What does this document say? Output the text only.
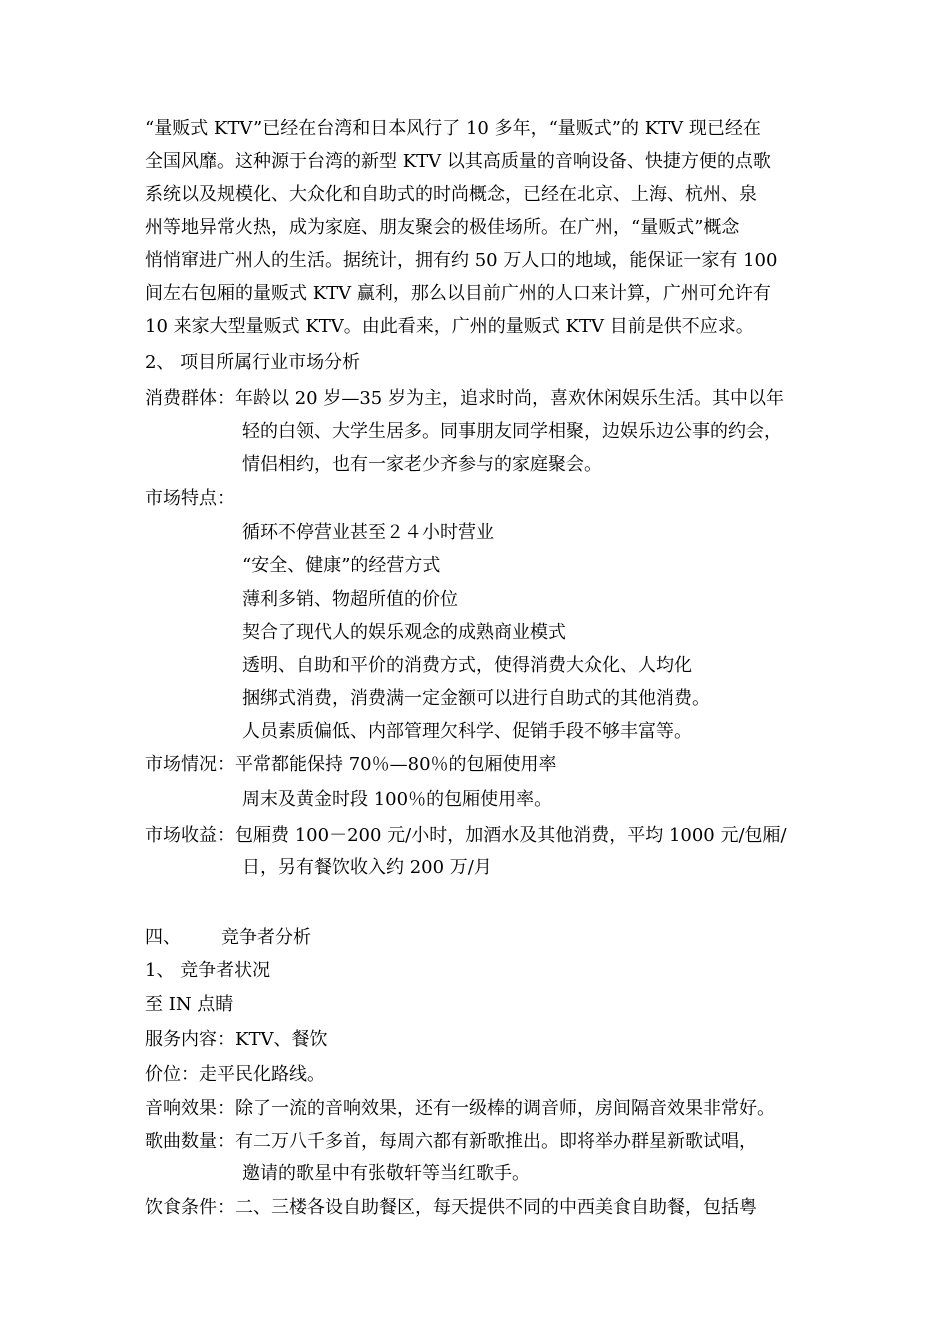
“量贩式 KTV”已经在台湾和日本风行了 10 多年，“量贩式”的 KTV 现已经在
全国风靡。这种源于台湾的新型 KTV 以其高质量的音响设备、快捷方便的点歌
系统以及规模化、大众化和自助式的时尚概念，已经在北京、上海、杭州、泉
州等地异常火热，成为家庭、朋友聚会的极佳场所。在广州，“量贩式”概念
悄悄窜进广州人的生活。据统计，拥有约 50 万人口的地域，能保证一家有 100
间左右包厢的量贩式 KTV 赢利，那么以目前广州的人口来计算，广州可允许有
10 来家大型量贩式 KTV。由此看来，广州的量贩式 KTV 目前是供不应求。
2、 项目所属行业市场分析
消费群体：年龄以 20 岁—35 岁为主，追求时尚，喜欢休闲娱乐生活。其中以年
轻的白领、大学生居多。同事朋友同学相聚，边娱乐边公事的约会，
情侣相约，也有一家老少齐参与的家庭聚会。
市场特点：
循环不停营业甚至２４小时营业
“安全、健康”的经营方式
薄利多销、物超所值的价位
契合了现代人的娱乐观念的成熟商业模式
透明、自助和平价的消费方式，使得消费大众化、人均化
捆绑式消费，消费满一定金额可以进行自助式的其他消费。
人员素质偏低、内部管理欠科学、促销手段不够丰富等。
市场情况：平常都能保持 70％—80％的包厢使用率
周末及黄金时段 100％的包厢使用率。
市场收益：包厢费 100－200 元/小时，加酒水及其他消费，平均 1000 元/包厢/
日，另有餐饮收入约 200 万/月
四、 竞争者分析
1、 竞争者状况
至 IN 点睛
服务内容：KTV、餐饮
价位：走平民化路线。
音响效果：除了一流的音响效果，还有一级棒的调音师，房间隔音效果非常好。
歌曲数量：有二万八千多首，每周六都有新歌推出。即将举办群星新歌试唱，
邀请的歌星中有张敬轩等当红歌手。
饮食条件：二、三楼各设自助餐区，每天提供不同的中西美食自助餐，包括粤
